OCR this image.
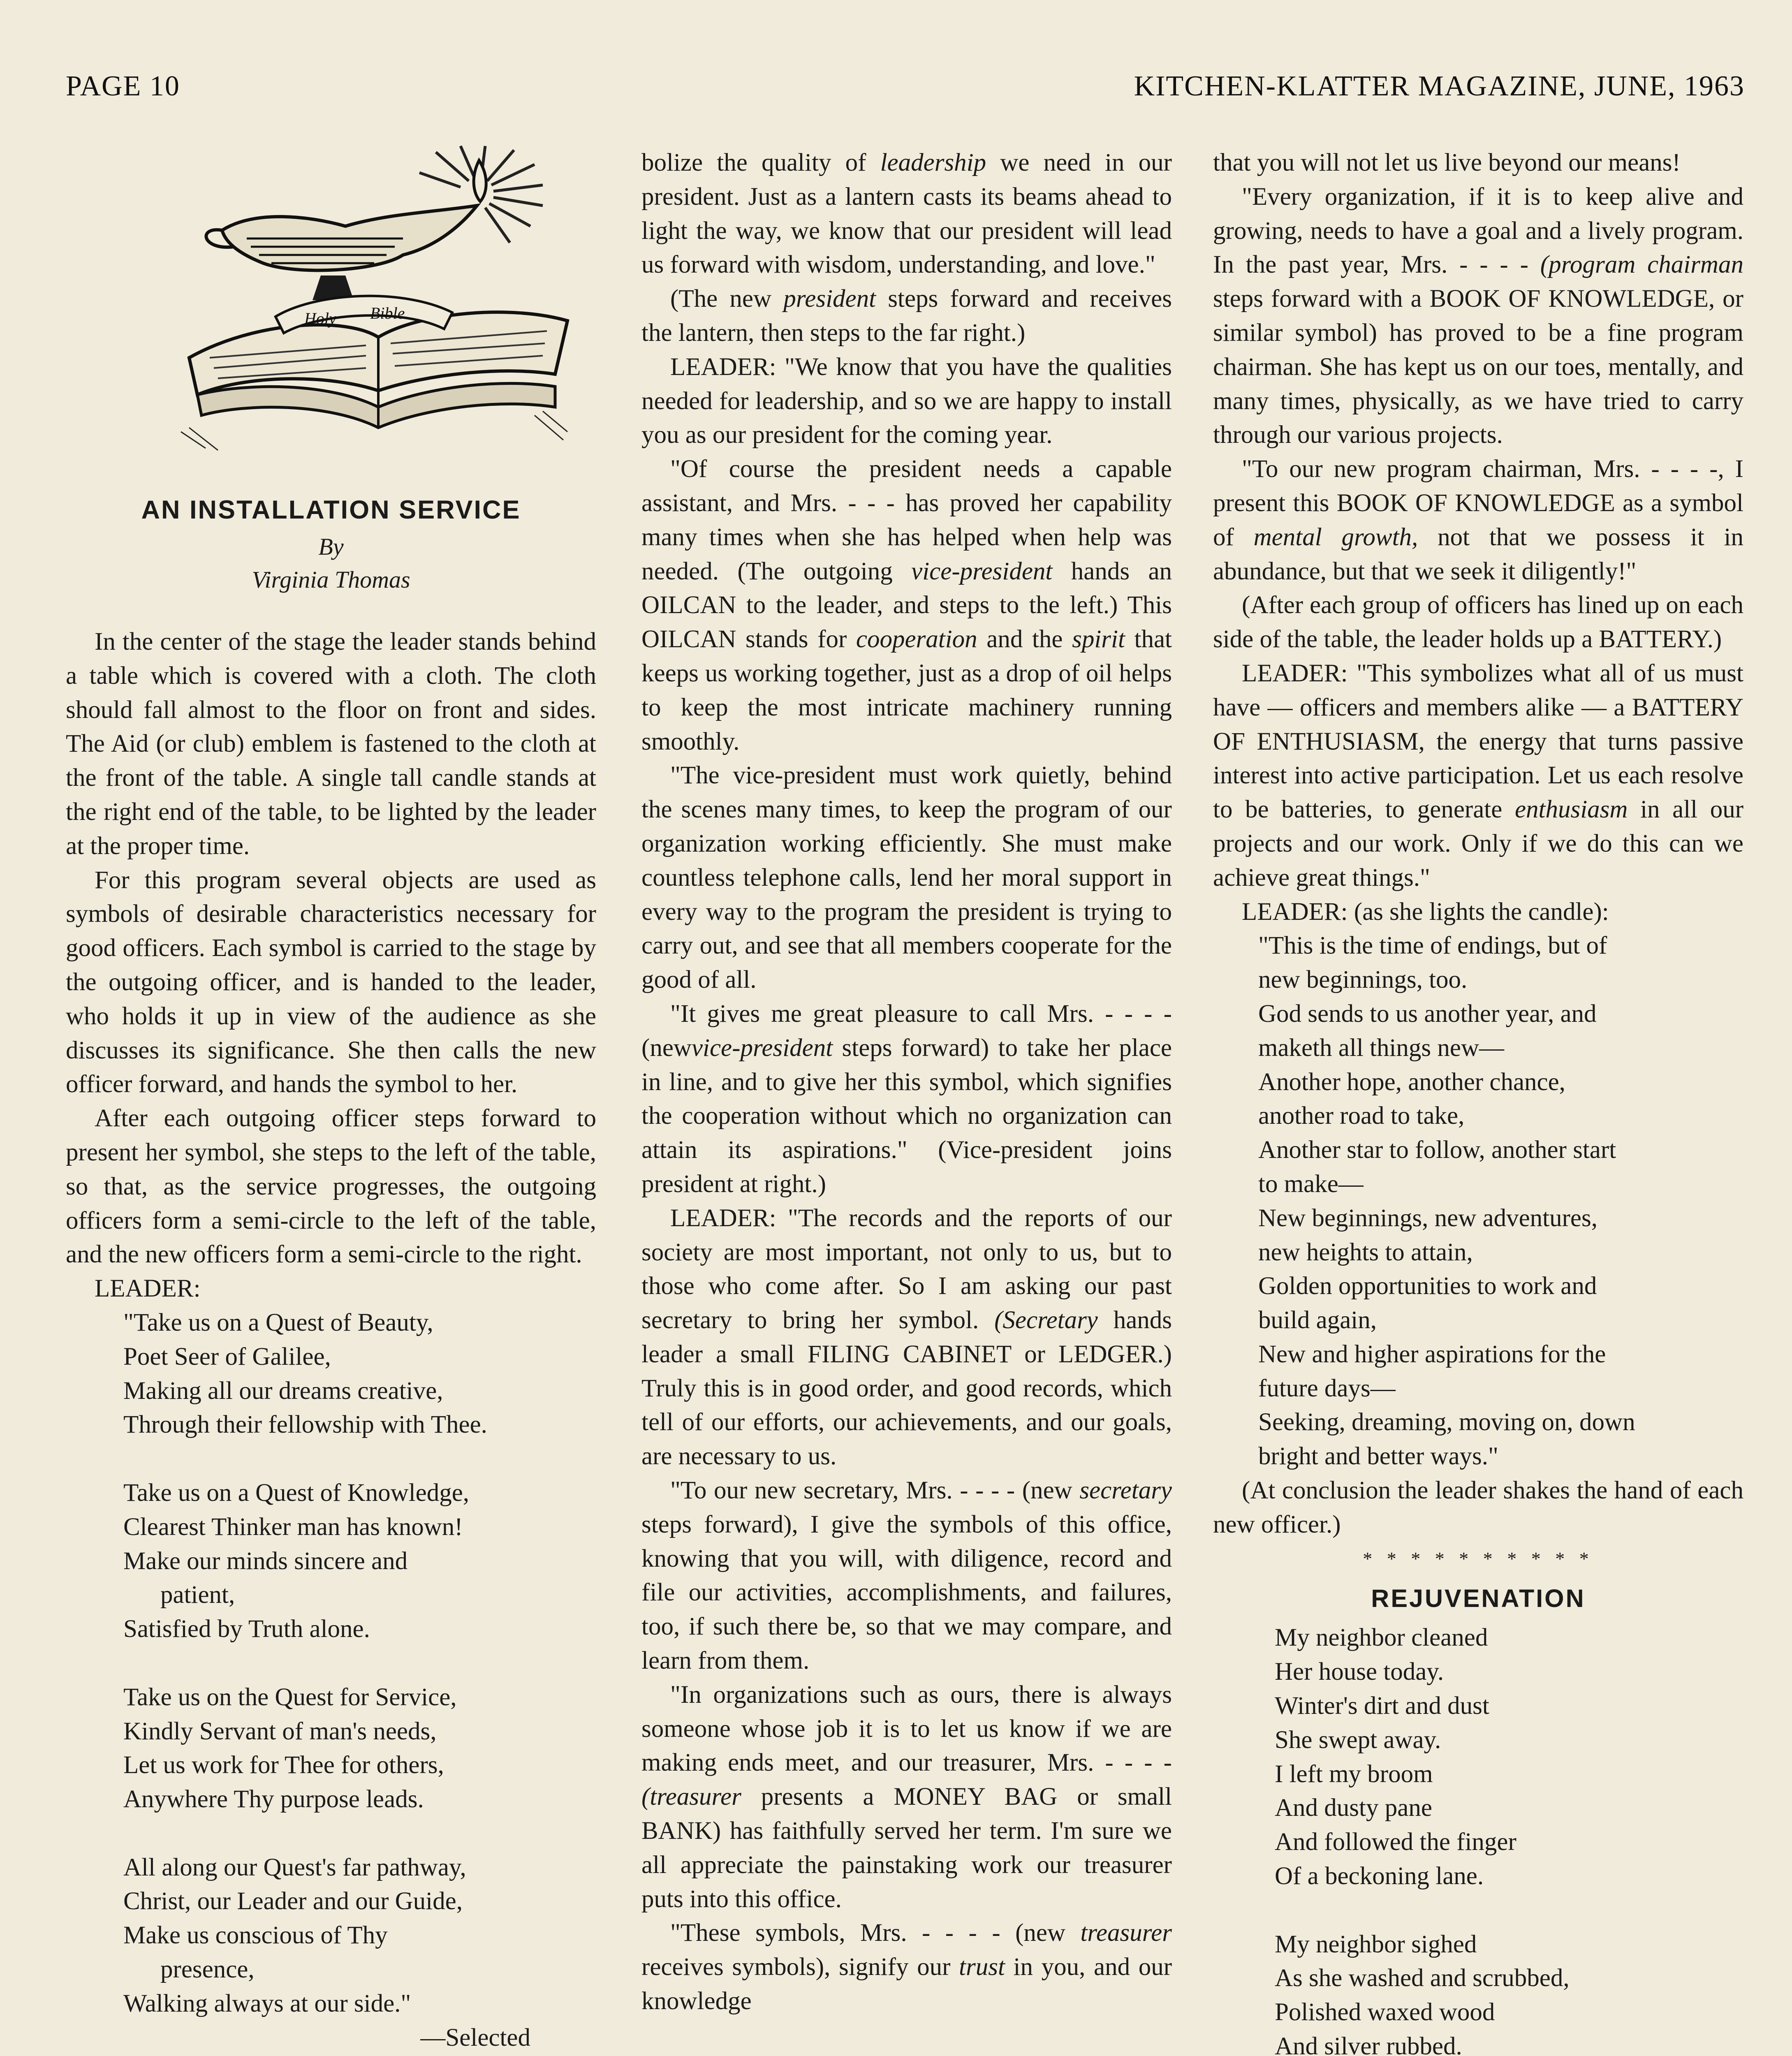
PAGE 10	KITCHEN-KLATTER MAGAZINE, JUNE, 1963
Holy Bible
AN INSTALLATION SERVICE
By
Virginia Thomas

In the center of the stage the leader stands behind a table which is covered with a cloth. The cloth should fall almost to the floor on front and sides. The Aid (or club) emblem is fastened to the cloth at the front of the table. A single tall candle stands at the right end of the table, to be lighted by the leader at the proper time.

For this program several objects are used as symbols of desirable characteristics necessary for good officers. Each symbol is carried to the stage by the outgoing officer, and is handed to the leader, who holds it up in view of the audience as she discusses its significance. She then calls the new officer forward, and hands the symbol to her.

After each outgoing officer steps forward to present her symbol, she steps to the left of the table, so that, as the service progresses, the outgoing officers form a semi-circle to the left of the table, and the new officers form a semi-circle to the right.

LEADER:
"Take us on a Quest of Beauty,
Poet Seer of Galilee,
Making all our dreams creative,
Through their fellowship with Thee.
Take us on a Quest of Knowledge,
Clearest Thinker man has known!
Make our minds sincere and
patient,
Satisfied by Truth alone.
Take us on the Quest for Service,
Kindly Servant of man's needs,
Let us work for Thee for others,
Anywhere Thy purpose leads.
All along our Quest's far pathway,
Christ, our Leader and our Guide,
Make us conscious of Thy
presence,
Walking always at our side."
—Selected

bolize the quality of leadership we need in our president. Just as a lantern casts its beams ahead to light the way, we know that our president will lead us forward with wisdom, understanding, and love."

(The new president steps forward and receives the lantern, then steps to the far right.)

LEADER: "We know that you have the qualities needed for leadership, and so we are happy to install you as our president for the coming year.

"Of course the president needs a capable assistant, and Mrs. - - - has proved her capability many times when she has helped when help was needed. (The outgoing vice-president hands an OILCAN to the leader, and steps to the left.) This OILCAN stands for cooperation and the spirit that keeps us working together, just as a drop of oil helps to keep the most intricate machinery running smoothly.

"The vice-president must work quietly, behind the scenes many times, to keep the program of our organization working efficiently. She must make countless telephone calls, lend her moral support in every way to the program the president is trying to carry out, and see that all members cooperate for the good of all.

"It gives me great pleasure to call Mrs. - - - -(newvice-president steps forward) to take her place in line, and to give her this symbol, which signifies the cooperation without which no organization can attain its aspirations." (Vice-president joins president at right.)

LEADER: "The records and the reports of our society are most important, not only to us, but to those who come after. So I am asking our past secretary to bring her symbol. (Secretary hands leader a small FILING CABINET or LEDGER.) Truly this is in good order, and good records, which tell of our efforts, our achievements, and our goals, are necessary to us.

"To our new secretary, Mrs. - - - - (new secretary steps forward), I give the symbols of this office, knowing that you will, with diligence, record and file our activities, accomplishments, and failures, too, if such there be, so that we may compare, and learn from them.

"In organizations such as ours, there is always someone whose job it is to let us know if we are making ends meet, and our treasurer, Mrs. - - - - (treasurer presents a MONEY BAG or small BANK) has faithfully served her term. I'm sure we all appreciate the painstaking work our treasurer puts into this office.

"These symbols, Mrs. - - - - (new treasurer receives symbols), signify our trust in you, and our knowledge

that you will not let us live beyond our means!

"Every organization, if it is to keep alive and growing, needs to have a goal and a lively program. In the past year, Mrs. - - - - (program chairman steps forward with a BOOK OF KNOWLEDGE, or similar symbol) has proved to be a fine program chairman. She has kept us on our toes, mentally, and many times, physically, as we have tried to carry through our various projects.

"To our new program chairman, Mrs. - - - -, I present this BOOK OF KNOWLEDGE as a symbol of mental growth, not that we possess it in abundance, but that we seek it diligently!"

(After each group of officers has lined up on each side of the table, the leader holds up a BATTERY.)

LEADER: "This symbolizes what all of us must have — officers and members alike — a BATTERY OF ENTHUSIASM, the energy that turns passive interest into active participation. Let us each resolve to be batteries, to generate enthusiasm in all our projects and our work. Only if we do this can we achieve great things."

LEADER: (as she lights the candle):

"This is the time of endings, but of
new beginnings, too.
God sends to us another year, and
maketh all things new—
Another hope, another chance,
another road to take,
Another star to follow, another start
to make—
New beginnings, new adventures,
new heights to attain,
Golden opportunities to work and
build again,
New and higher aspirations for the
future days—
Seeking, dreaming, moving on, down
bright and better ways."

(At conclusion the leader shakes the hand of each new officer.)

* * * * * * * * * *
REJUVENATION
My neighbor cleaned
Her house today.
Winter's dirt and dust
She swept away.
I left my broom
And dusty pane
And followed the finger
Of a beckoning lane.
My neighbor sighed
As she washed and scrubbed,
Polished waxed wood
And silver rubbed.
